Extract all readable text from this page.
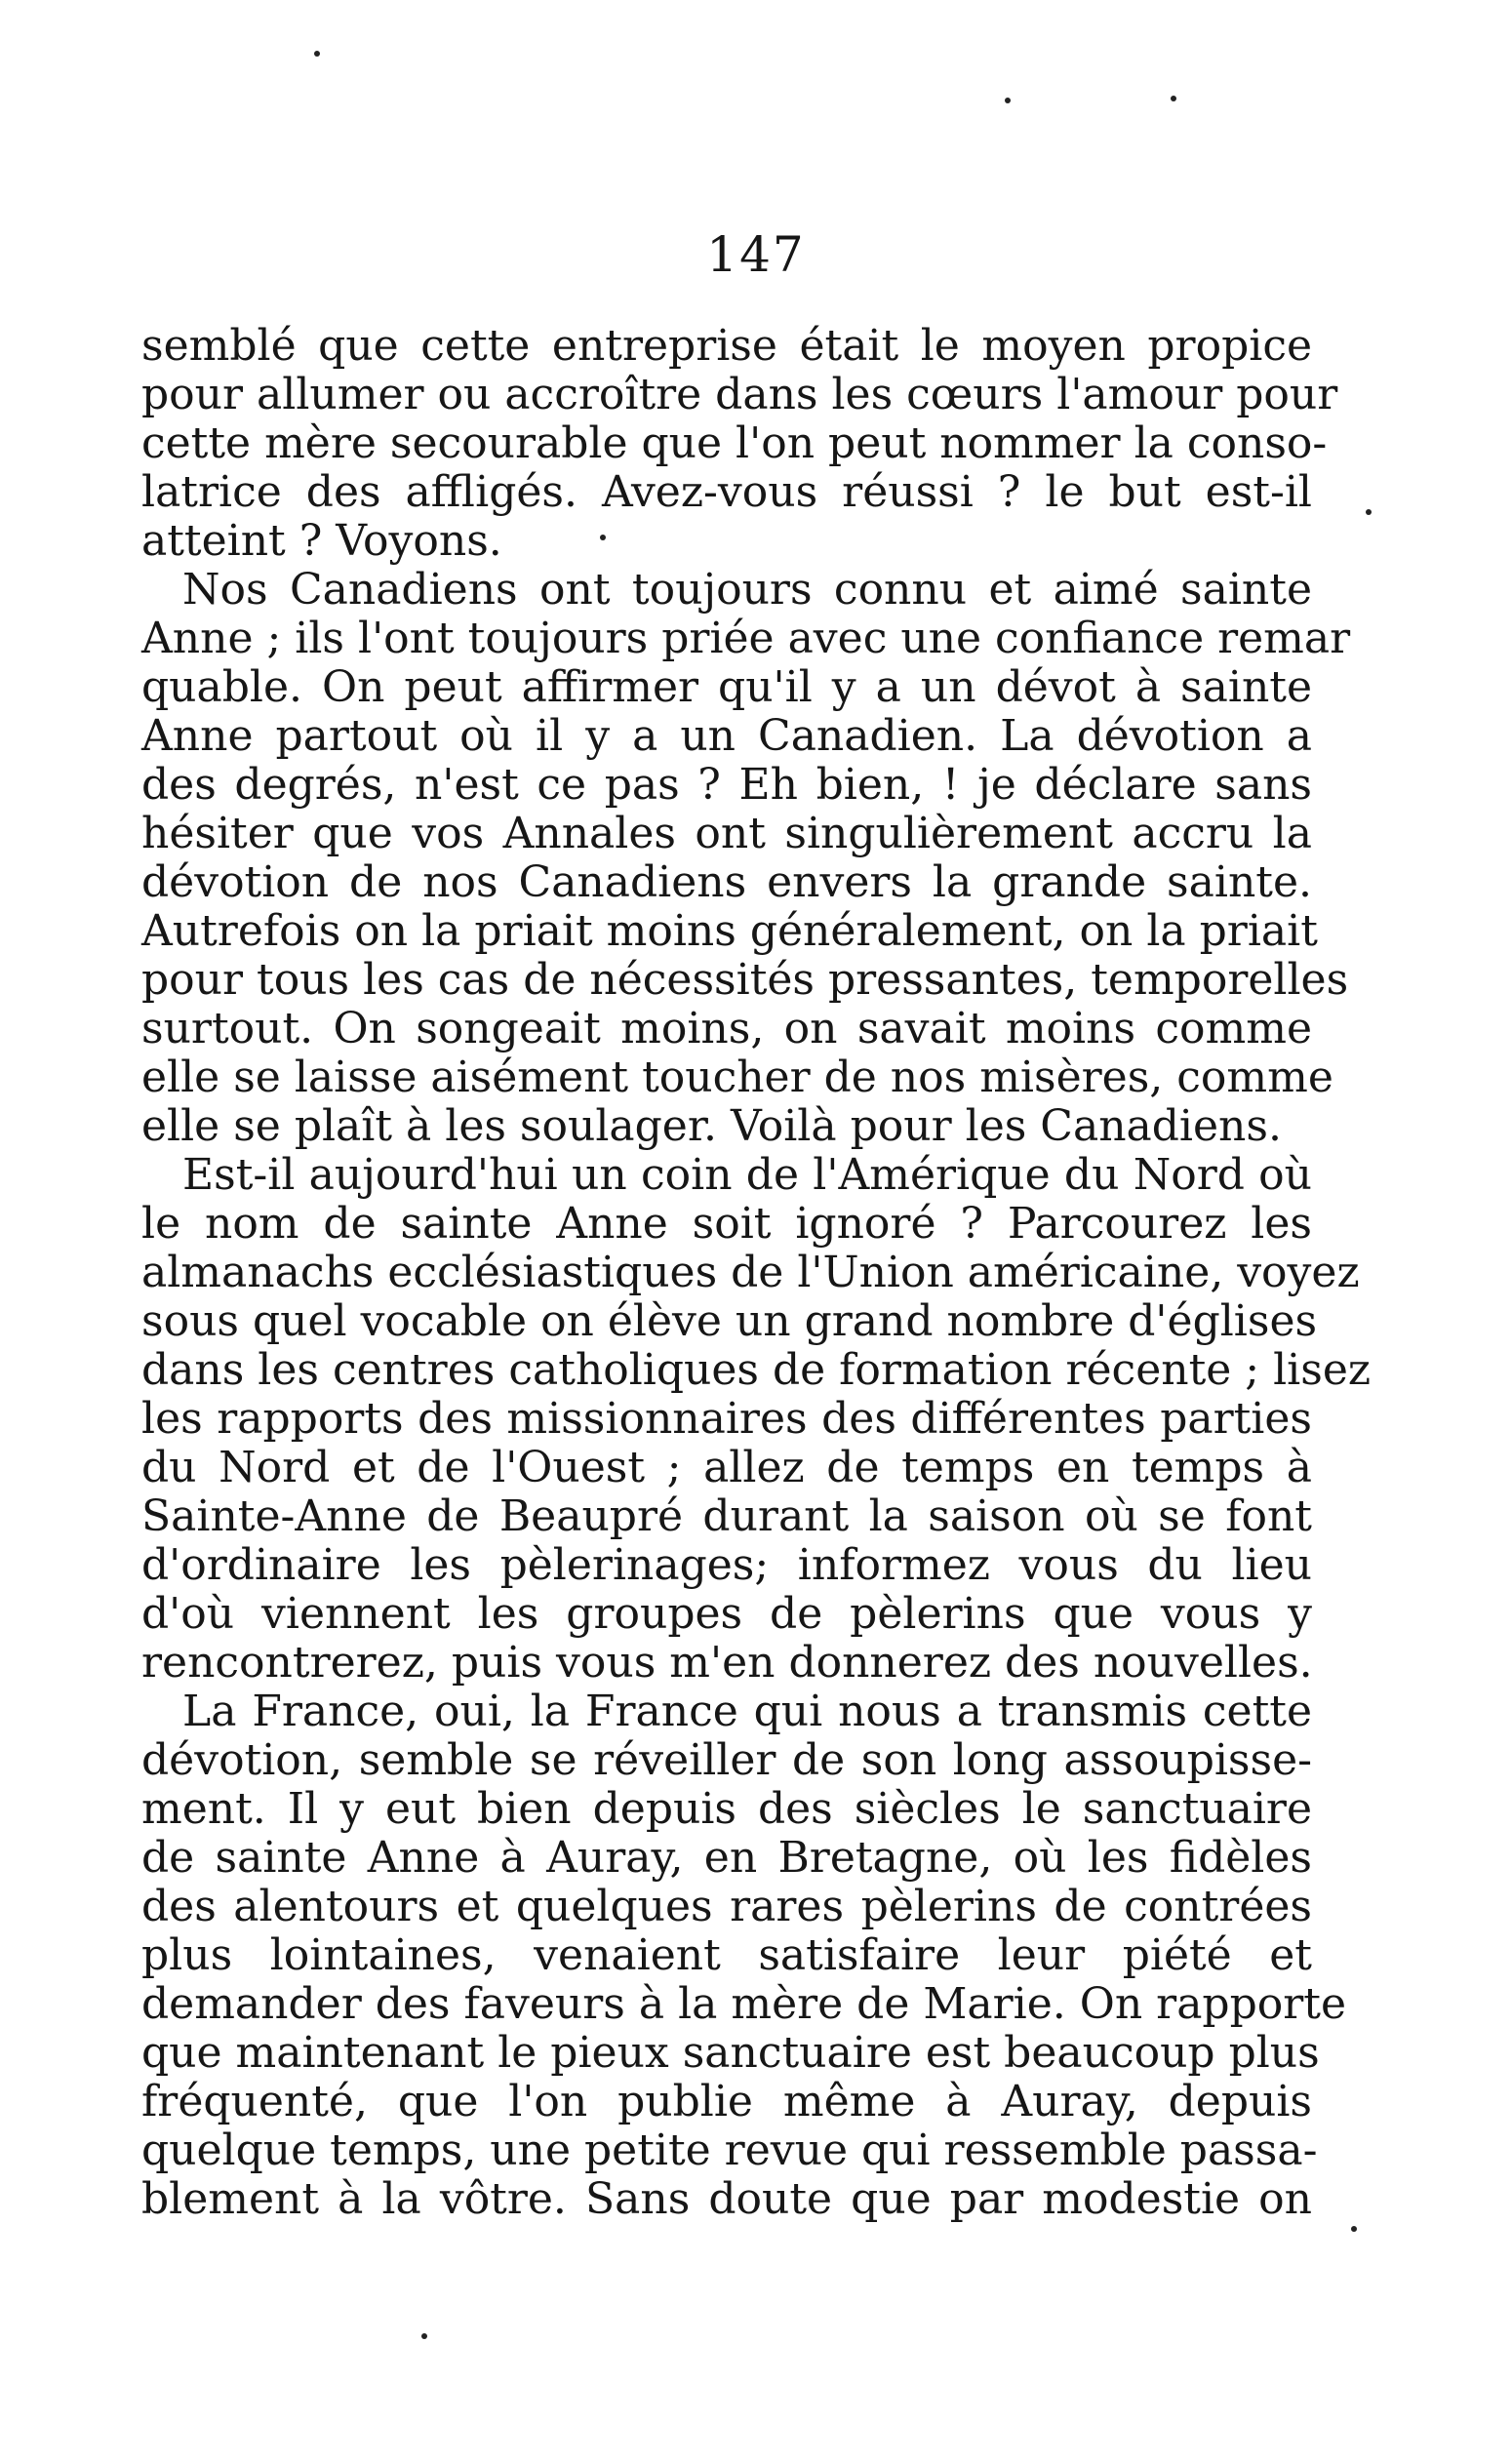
147
semblé que cette entreprise était le moyen propice
pour allumer ou accroître dans les cœurs l'amour pour
cette mère secourable que l'on peut nommer la conso-
latrice des affligés. Avez-vous réussi ? le but est-il
atteint ? Voyons.
Nos Canadiens ont toujours connu et aimé sainte
Anne ; ils l'ont toujours priée avec une confiance remar
quable. On peut affirmer qu'il y a un dévot à sainte
Anne partout où il y a un Canadien. La dévotion a
des degrés, n'est ce pas ? Eh bien, ! je déclare sans
hésiter que vos Annales ont singulièrement accru la
dévotion de nos Canadiens envers la grande sainte.
Autrefois on la priait moins généralement, on la priait
pour tous les cas de nécessités pressantes, temporelles
surtout. On songeait moins, on savait moins comme
elle se laisse aisément toucher de nos misères, comme
elle se plaît à les soulager. Voilà pour les Canadiens.
Est-il aujourd'hui un coin de l'Amérique du Nord où
le nom de sainte Anne soit ignoré ? Parcourez les
almanachs ecclésiastiques de l'Union américaine, voyez
sous quel vocable on élève un grand nombre d'églises
dans les centres catholiques de formation récente ; lisez
les rapports des missionnaires des différentes parties
du Nord et de l'Ouest ; allez de temps en temps à
Sainte-Anne de Beaupré durant la saison où se font
d'ordinaire les pèlerinages; informez vous du lieu
d'où viennent les groupes de pèlerins que vous y
rencontrerez, puis vous m'en donnerez des nouvelles.
La France, oui, la France qui nous a transmis cette
dévotion, semble se réveiller de son long assoupisse-
ment. Il y eut bien depuis des siècles le sanctuaire
de sainte Anne à Auray, en Bretagne, où les fidèles
des alentours et quelques rares pèlerins de contrées
plus lointaines, venaient satisfaire leur piété et
demander des faveurs à la mère de Marie. On rapporte
que maintenant le pieux sanctuaire est beaucoup plus
fréquenté, que l'on publie même à Auray, depuis
quelque temps, une petite revue qui ressemble passa-
blement à la vôtre. Sans doute que par modestie on
